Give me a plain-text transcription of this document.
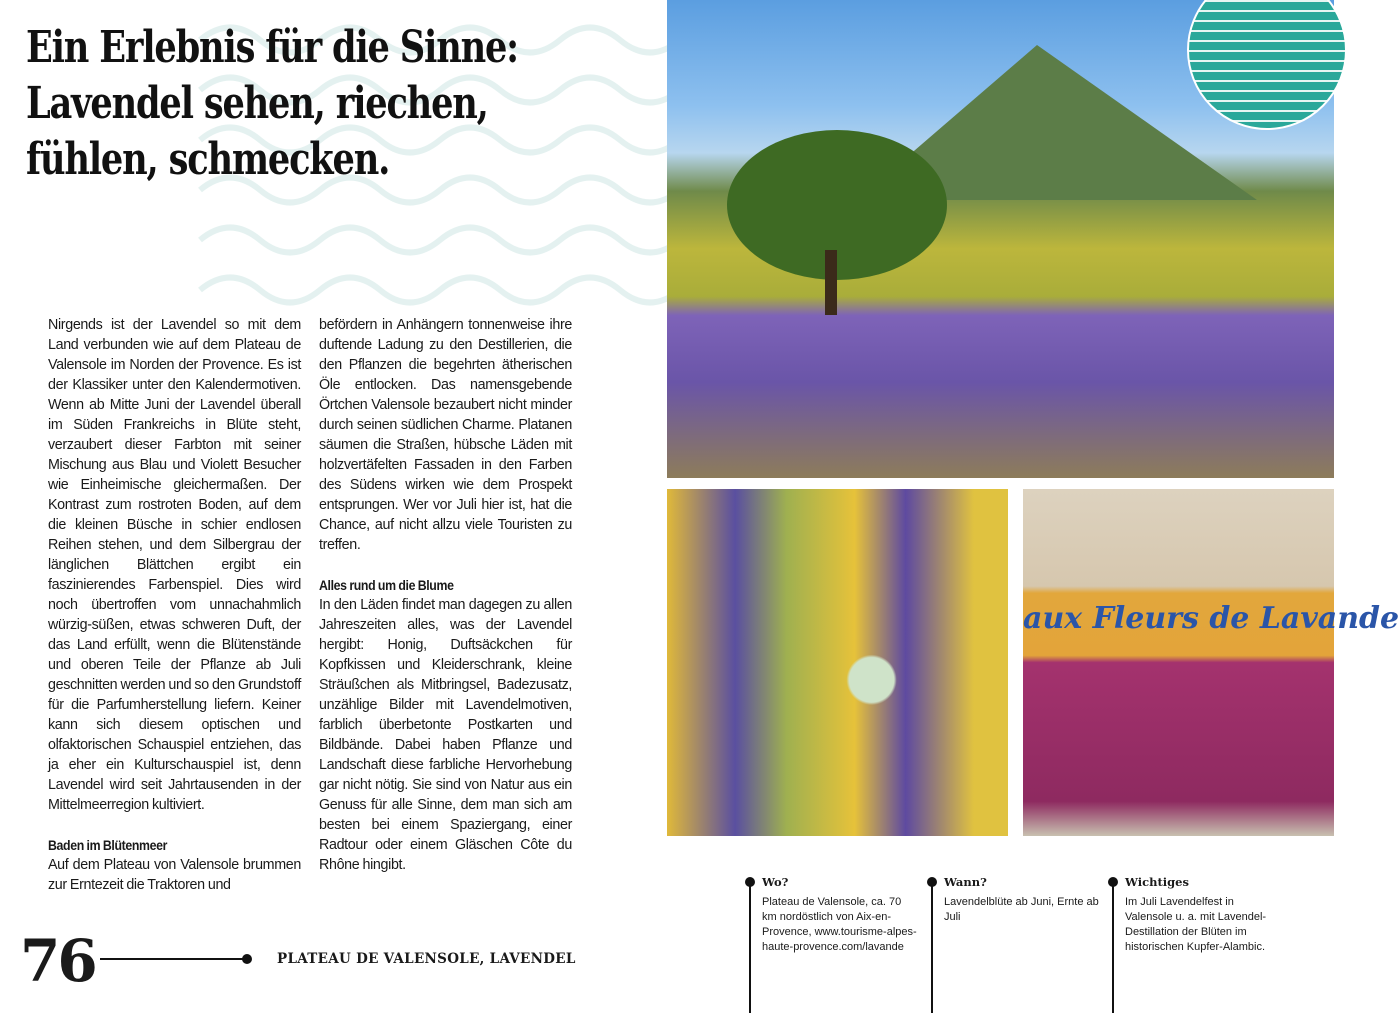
Ein Erlebnis für die Sinne: Lavendel sehen, riechen, fühlen, schmecken.

Nirgends ist der Lavendel so mit dem Land verbunden wie auf dem Plateau de Valensole im Norden der Provence. Es ist der Klassiker unter den Kalendermotiven. Wenn ab Mitte Juni der Lavendel überall im Süden Frankreichs in Blüte steht, verzaubert dieser Farbton mit seiner Mischung aus Blau und Violett Besucher wie Einheimische gleichermaßen. Der Kontrast zum rostroten Boden, auf dem die kleinen Büsche in schier endlosen Reihen stehen, und dem Silbergrau der länglichen Blättchen ergibt ein faszinierendes Farbenspiel. Dies wird noch übertroffen vom unnachahmlich würzig-süßen, etwas schweren Duft, der das Land erfüllt, wenn die Blütenstände und oberen Teile der Pflanze ab Juli geschnitten werden und so den Grundstoff für die Parfumherstellung liefern. Keiner kann sich diesem optischen und olfaktorischen Schauspiel entziehen, das ja eher ein Kulturschauspiel ist, denn Lavendel wird seit Jahrtausenden in der Mittelmeerregion kultiviert.

Baden im Blütenmeer

Auf dem Plateau von Valensole brummen zur Erntezeit die Traktoren und

befördern in Anhängern tonnenweise ihre duftende Ladung zu den Destillerien, die den Pflanzen die begehrten ätherischen Öle entlocken. Das namensgebende Örtchen Valensole bezaubert nicht minder durch seinen südlichen Charme. Platanen säumen die Straßen, hübsche Läden mit holzvertäfelten Fassaden in den Farben des Südens wirken wie dem Prospekt entsprungen. Wer vor Juli hier ist, hat die Chance, auf nicht allzu viele Touristen zu treffen.

Alles rund um die Blume

In den Läden findet man dagegen zu allen Jahreszeiten alles, was der Lavendel hergibt: Honig, Duftsäckchen für Kopfkissen und Kleiderschrank, kleine Sträußchen als Mitbringsel, Badezusatz, unzählige Bilder mit Lavendelmotiven, farblich überbetonte Postkarten und Bildbände. Dabei haben Pflanze und Landschaft diese farbliche Hervorhebung gar nicht nötig. Sie sind von Natur aus ein Genuss für alle Sinne, dem man sich am besten bei einem Spaziergang, einer Radtour oder einem Gläschen Côte du Rhône hingibt.

76	PLATEAU DE VALENSOLE, LAVENDEL
aux Fleurs de Lavande
Wo?

Plateau de Valensole, ca. 70 km nordöstlich von Aix-en-Provence, www.tourisme-alpes-haute-provence.com/lavande

Wann?

Lavendelblüte ab Juni, Ernte ab Juli

Wichtiges

Im Juli Lavendelfest in Valensole u. a. mit Lavendel-Destillation der Blüten im historischen Kupfer-Alambic.
